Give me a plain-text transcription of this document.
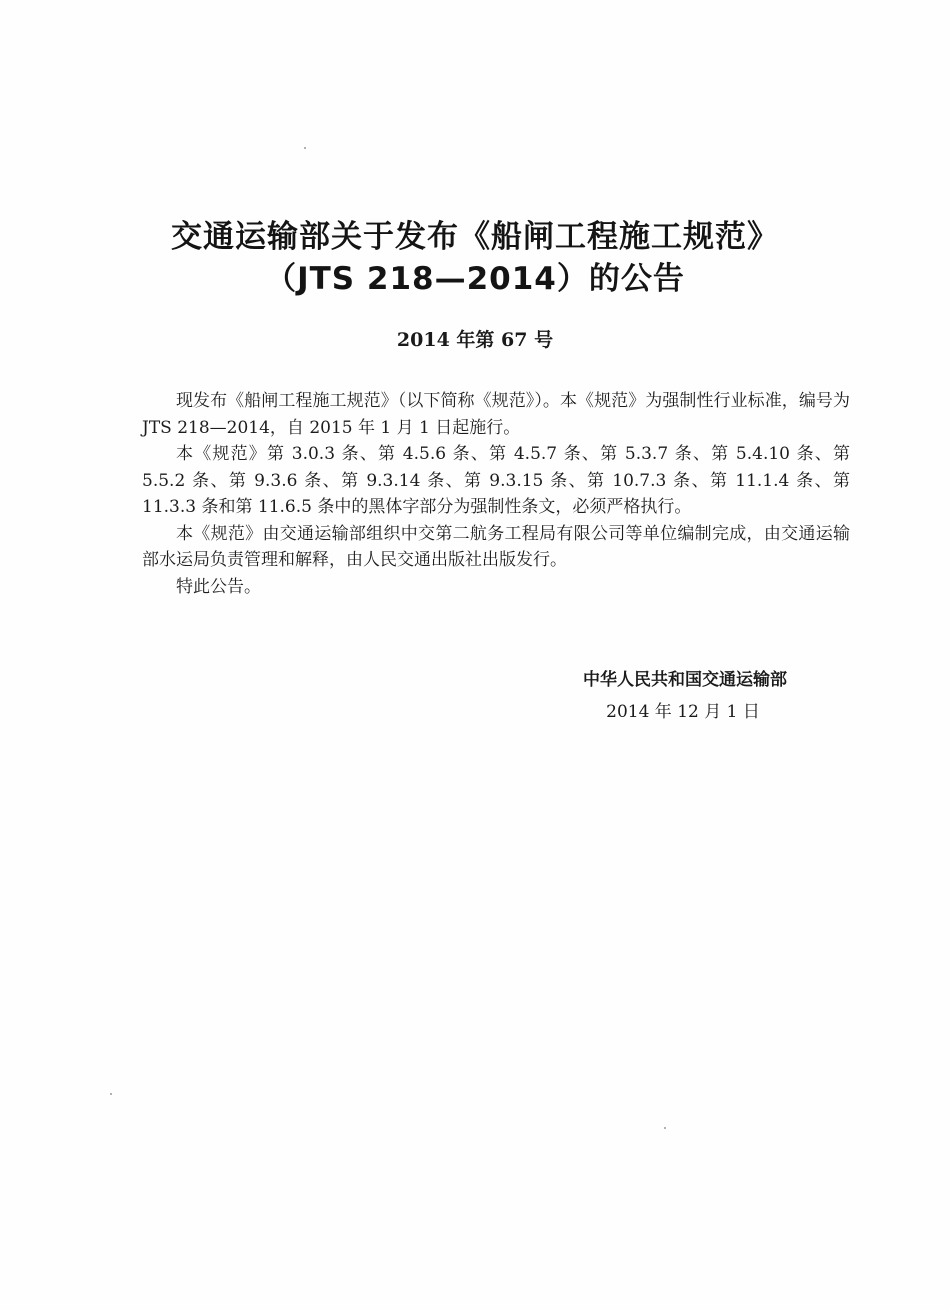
交通运输部关于发布《船闸工程施工规范》
（JTS 218—2014）的公告
2014 年第 67 号

现发布《船闸工程施工规范》（以下简称《规范》）。本《规范》为强制性行业标准，编号为 JTS 218—2014，自 2015 年 1 月 1 日起施行。

本《规范》第 3.0.3 条、第 4.5.6 条、第 4.5.7 条、第 5.3.7 条、第 5.4.10 条、第 5.5.2 条、第 9.3.6 条、第 9.3.14 条、第 9.3.15 条、第 10.7.3 条、第 11.1.4 条、第 11.3.3 条和第 11.6.5 条中的黑体字部分为强制性条文，必须严格执行。

本《规范》由交通运输部组织中交第二航务工程局有限公司等单位编制完成，由交通运输部水运局负责管理和解释，由人民交通出版社出版发行。

特此公告。

中华人民共和国交通运输部
2014 年 12 月 1 日
